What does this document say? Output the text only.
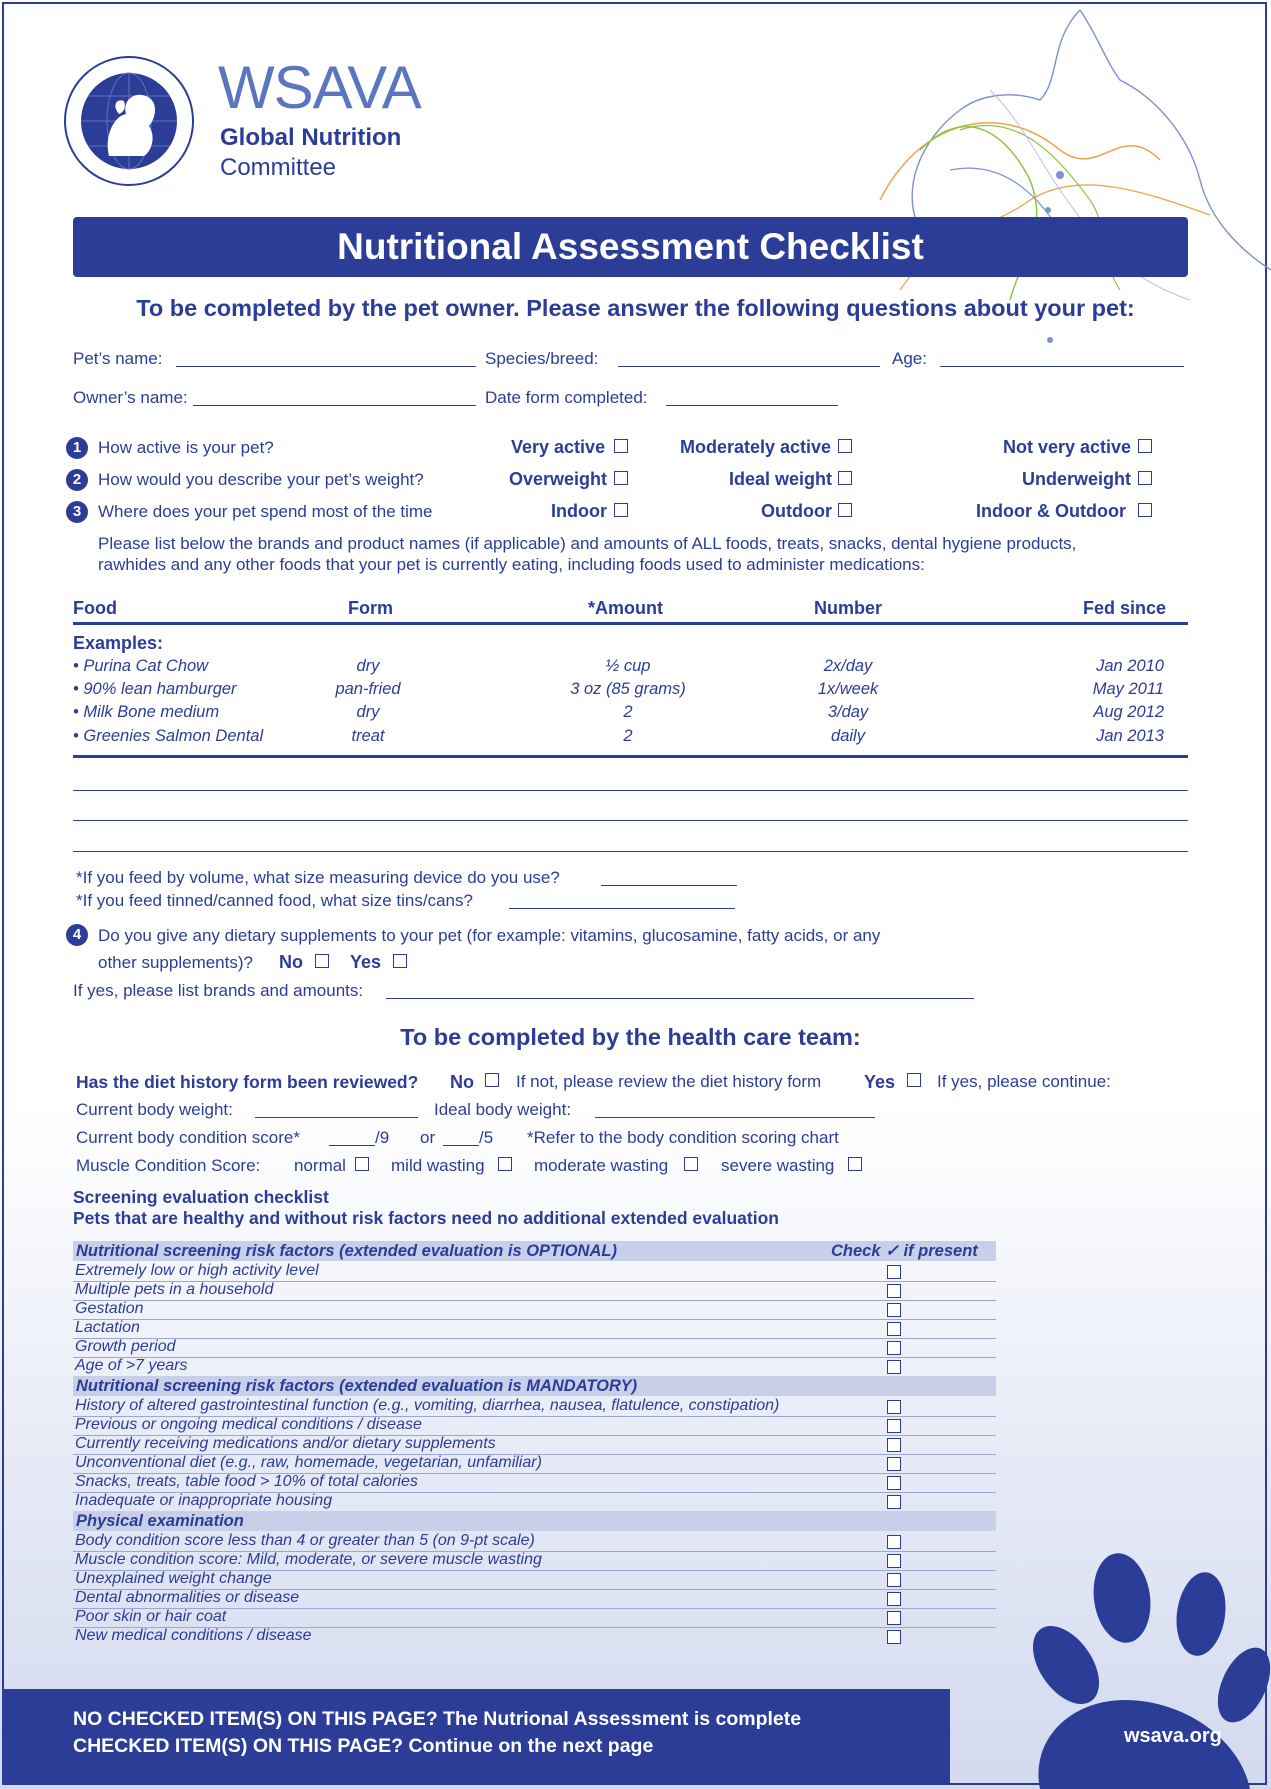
WSAVA
Global Nutrition
Committee
Nutritional Assessment Checklist
To be completed by the pet owner. Please answer the following questions about your pet:
Pet’s name:	Species/breed:	Age:
Owner’s name:	Date form completed:
1 How active is your pet?	Very active	Moderately active	Not very active
2 How would you describe your pet’s weight?	Overweight	Ideal weight	Underweight
3 Where does your pet spend most of the time	Indoor	Outdoor	Indoor & Outdoor
Please list below the brands and product names (if applicable) and amounts of ALL foods, treats, snacks, dental hygiene products,
rawhides and any other foods that your pet is currently eating, including foods used to administer medications:
Food	Form	*Amount	Number	Fed since
Examples:
• Purina Cat Chow	dry	½ cup	2x/day	Jan 2010
• 90% lean hamburger	pan-fried	3 oz (85 grams)	1x/week	May 2011
• Milk Bone medium	dry	2	3/day	Aug 2012
• Greenies Salmon Dental	treat	2	daily	Jan 2013
*If you feed by volume, what size measuring device do you use?
*If you feed tinned/canned food, what size tins/cans?
4 Do you give any dietary supplements to your pet (for example: vitamins, glucosamine, fatty acids, or any
other supplements)? No	Yes
If yes, please list brands and amounts:
To be completed by the health care team:
Has the diet history form been reviewed? No If not, please review the diet history form Yes If yes, please continue:
Current body weight:	Ideal body weight:
Current body condition score*	/9 or	/5 *Refer to the body condition scoring chart
Muscle Condition Score: normal	mild wasting	moderate wasting	severe wasting
Screening evaluation checklist
Pets that are healthy and without risk factors need no additional extended evaluation
Nutritional screening risk factors (extended evaluation is OPTIONAL)	Check ✓ if present
Extremely low or high activity level
Multiple pets in a household
Gestation
Lactation
Growth period
Age of >7 years
Nutritional screening risk factors (extended evaluation is MANDATORY)
History of altered gastrointestinal function (e.g., vomiting, diarrhea, nausea, flatulence, constipation)
Previous or ongoing medical conditions / disease
Currently receiving medications and/or dietary supplements
Unconventional diet (e.g., raw, homemade, vegetarian, unfamiliar)
Snacks, treats, table food > 10% of total calories
Inadequate or inappropriate housing
Physical examination
Body condition score less than 4 or greater than 5 (on 9-pt scale)
Muscle condition score: Mild, moderate, or severe muscle wasting
Unexplained weight change
Dental abnormalities or disease
Poor skin or hair coat
New medical conditions / disease
NO CHECKED ITEM(S) ON THIS PAGE? The Nutrional Assessment is complete
CHECKED ITEM(S) ON THIS PAGE? Continue on the next page	wsava.org
